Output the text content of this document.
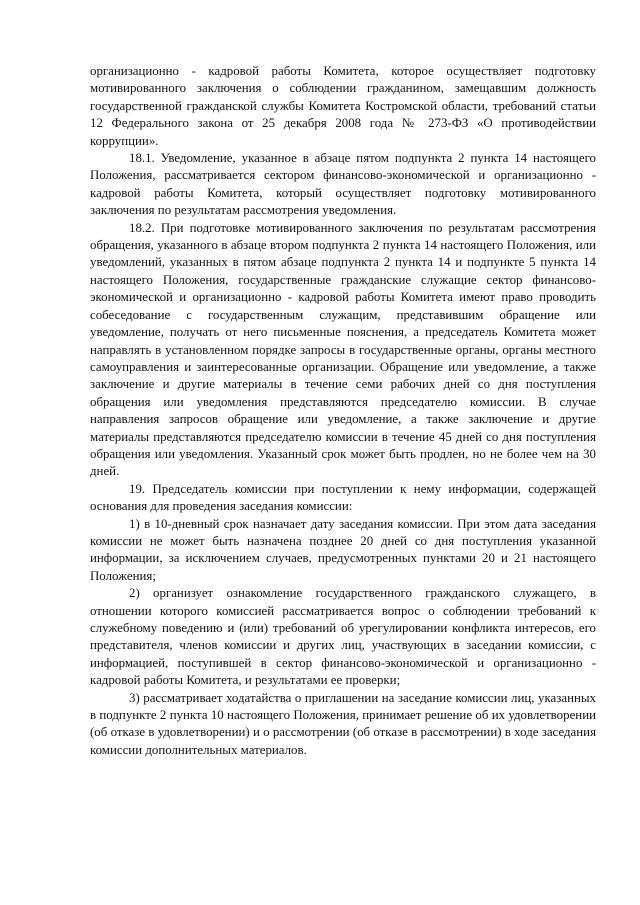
организационно - кадровой работы Комитета, которое осуществляет подготовку мотивированного заключения о соблюдении гражданином, замещавшим должность государственной гражданской службы Комитета Костромской области, требований статьи 12 Федерального закона от 25 декабря 2008 года № 273-ФЗ «О противодействии коррупции».

18.1. Уведомление, указанное в абзаце пятом подпункта 2 пункта 14 настоящего Положения, рассматривается сектором финансово-экономической и организационно - кадровой работы Комитета, который осуществляет подготовку мотивированного заключения по результатам рассмотрения уведомления.

18.2. При подготовке мотивированного заключения по результатам рассмотрения обращения, указанного в абзаце втором подпункта 2 пункта 14 настоящего Положения, или уведомлений, указанных в пятом абзаце подпункта 2 пункта 14 и подпункте 5 пункта 14 настоящего Положения, государственные гражданские служащие сектор финансово-экономической и организационно - кадровой работы Комитета имеют право проводить собеседование с государственным служащим, представившим обращение или уведомление, получать от него письменные пояснения, а председатель Комитета может направлять в установленном порядке запросы в государственные органы, органы местного самоуправления и заинтересованные организации. Обращение или уведомление, а также заключение и другие материалы в течение семи рабочих дней со дня поступления обращения или уведомления представляются председателю комиссии. В случае направления запросов обращение или уведомление, а также заключение и другие материалы представляются председателю комиссии в течение 45 дней со дня поступления обращения или уведомления. Указанный срок может быть продлен, но не более чем на 30 дней.

19. Председатель комиссии при поступлении к нему информации, содержащей основания для проведения заседания комиссии:

1) в 10-дневный срок назначает дату заседания комиссии. При этом дата заседания комиссии не может быть назначена позднее 20 дней со дня поступления указанной информации, за исключением случаев, предусмотренных пунктами 20 и 21 настоящего Положения;

2) организует ознакомление государственного гражданского служащего, в отношении которого комиссией рассматривается вопрос о соблюдении требований к служебному поведению и (или) требований об урегулировании конфликта интересов, его представителя, членов комиссии и других лиц, участвующих в заседании комиссии, с информацией, поступившей в сектор финансово-экономической и организационно - кадровой работы Комитета, и результатами ее проверки;

3) рассматривает ходатайства о приглашении на заседание комиссии лиц, указанных в подпункте 2 пункта 10 настоящего Положения, принимает решение об их удовлетворении (об отказе в удовлетворении) и о рассмотрении (об отказе в рассмотрении) в ходе заседания комиссии дополнительных материалов.
